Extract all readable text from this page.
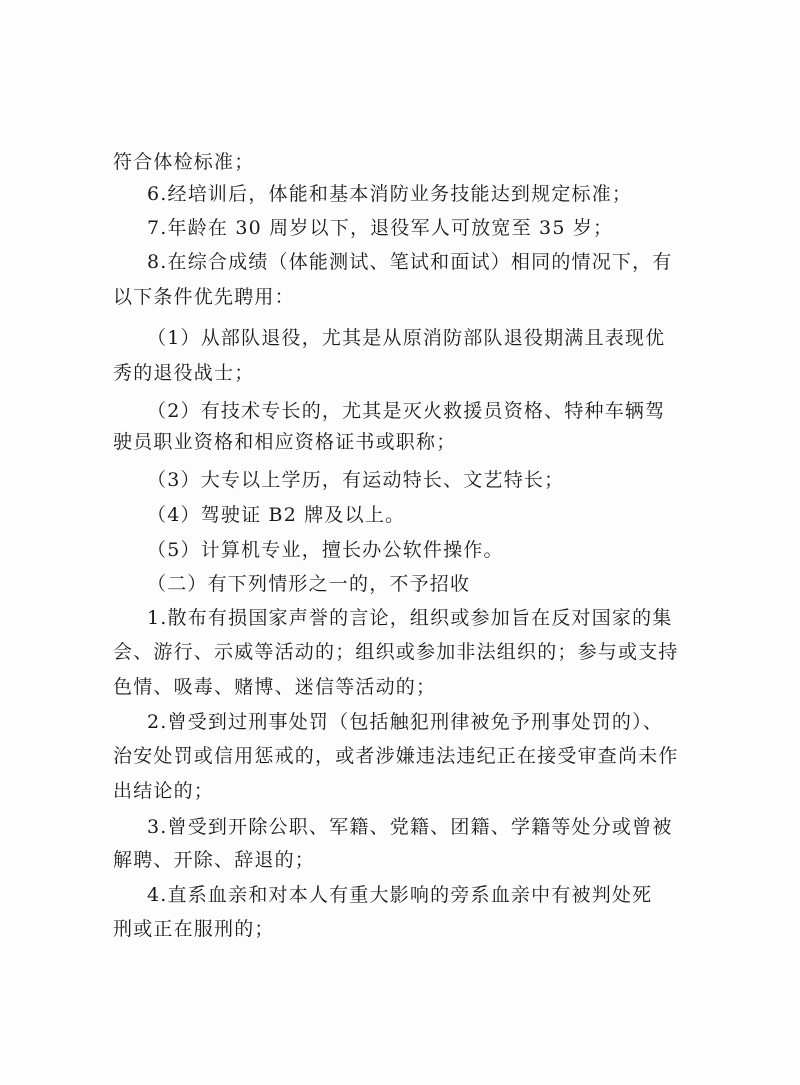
符合体检标准；
6.经培训后，体能和基本消防业务技能达到规定标准；
7.年龄在 30 周岁以下，退役军人可放宽至 35 岁；
8.在综合成绩（体能测试、笔试和面试）相同的情况下，有
以下条件优先聘用：
（1）从部队退役，尤其是从原消防部队退役期满且表现优
秀的退役战士；
（2）有技术专长的，尤其是灭火救援员资格、特种车辆驾
驶员职业资格和相应资格证书或职称；
（3）大专以上学历，有运动特长、文艺特长；
（4）驾驶证 B2 牌及以上。
（5）计算机专业，擅长办公软件操作。
（二）有下列情形之一的，不予招收
1.散布有损国家声誉的言论，组织或参加旨在反对国家的集
会、游行、示威等活动的；组织或参加非法组织的；参与或支持
色情、吸毒、赌博、迷信等活动的；
2.曾受到过刑事处罚（包括触犯刑律被免予刑事处罚的）、
治安处罚或信用惩戒的，或者涉嫌违法违纪正在接受审查尚未作
出结论的；
3.曾受到开除公职、军籍、党籍、团籍、学籍等处分或曾被
解聘、开除、辞退的；
4.直系血亲和对本人有重大影响的旁系血亲中有被判处死
刑或正在服刑的；
